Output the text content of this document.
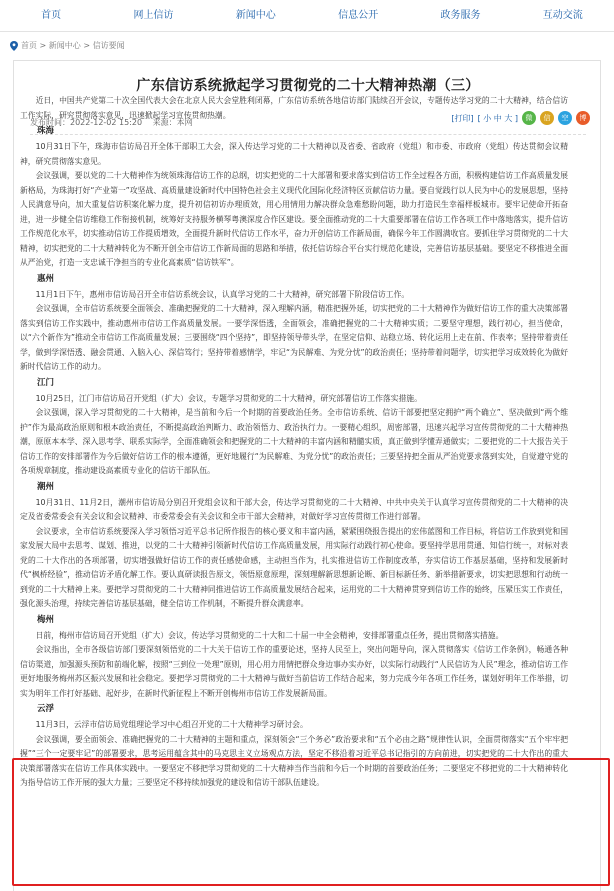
首页	网上信访	新闻中心	信息公开	政务服务	互动交流
首页 > 新闻中心 > 信访要闻
广东信访系统掀起学习贯彻党的二十大精神热潮（三）
发布时间：2022-12-02 15:20 来源：本网	[打印] [ 小 中 大 ]	微	信	空	博
近日，中国共产党第二十次全国代表大会在北京人民大会堂胜利闭幕，广东信访系统各地信访部门陆续召开会议，专题传达学习党的二十大精神，结合信访工作实际，研究贯彻落实意见，迅速掀起学习宣传贯彻热潮。
珠海
10月31日下午，珠海市信访局召开全体干部职工大会，深入传达学习党的二十大精神以及省委、省政府（党组）和市委、市政府（党组）传达贯彻会议精神，研究贯彻落实意见。
会议强调，要以党的二十大精神作为统领珠海信访工作的总纲，切实把党的二十大部署和要求落实到信访工作全过程各方面，积极构建信访工作高质量发展新格局，为珠海打好“产业第一”攻坚战、高质量建设新时代中国特色社会主义现代化国际化经济特区贡献信访力量。要自觉践行以人民为中心的发展思想，坚持人民满意导向，加大重复信访积案化解力度，提升初信初访办理质效，用心用情用力解决群众急难愁盼问题，助力打造民生幸福样板城市。要牢记使命开拓奋进，进一步健全信访维稳工作衔接机制，统筹好支持服务横琴粤澳深度合作区建设。要全面推动党的二十大重要部署在信访工作各项工作中落地落实，提升信访工作规范化水平，切实推动信访工作提质增效，全面提升新时代信访工作水平，奋力开创信访工作新局面，确保今年工作圆满收官。要抓住学习贯彻党的二十大精神，切实把党的二十大精神转化为不断开创全市信访工作新局面的思路和举措，依托信访综合平台实行规范化建设，完善信访基层基础。要坚定不移推进全面从严治党，打造一支忠诚干净担当的专业化高素质“信访铁军”。
惠州
11月1日下午，惠州市信访局召开全市信访系统会议，认真学习党的二十大精神，研究部署下阶段信访工作。
会议强调，全市信访系统要全面领会、准确把握党的二十大精神，深入理解内涵，精准把握外延，切实把党的二十大精神作为做好信访工作的重大决策部署落实到信访工作实践中，推动惠州市信访工作高质量发展。一要学深悟透，全面领会，准确把握党的二十大精神实质；二要坚守理想，践行初心，担当使命，以“六个新作为”推动全市信访工作高质量发展；三要围绕“四个坚持”，即坚持领导带头学，在坚定信仰、站稳立场、转化运用上走在前、作表率；坚持带着责任学，做到学深悟透、融会贯通、入脑入心、深信笃行；坚持带着感情学，牢记“为民解难、为党分忧”的政治责任；坚持带着问题学，切实把学习成效转化为做好新时代信访工作的动力。
江门
10月25日，江门市信访局召开党组（扩大）会议，专题学习贯彻党的二十大精神，研究部署信访工作落实措施。
会议强调，深入学习贯彻党的二十大精神，是当前和今后一个时期的首要政治任务。全市信访系统、信访干部要把坚定拥护“两个确立”、坚决做到“两个维护”作为最高政治原则和根本政治责任，不断提高政治判断力、政治领悟力、政治执行力。一要精心组织，周密部署，迅速兴起学习宣传贯彻党的二十大精神热潮，原原本本学、深入思考学、联系实际学，全面准确领会和把握党的二十大精神的丰富内涵和精髓实质，真正做到学懂弄通做实；二要把党的二十大报告关于信访工作的安排部署作为今后做好信访工作的根本遵循，更好地履行“为民解难、为党分忧”的政治责任；三要坚持把全面从严治党要求落到实处，自觉遵守党的各项规章制度，推动建设高素质专业化的信访干部队伍。
潮州
10月31日、11月2日，潮州市信访局分别召开党组会议和干部大会，传达学习贯彻党的二十大精神、中共中央关于认真学习宣传贯彻党的二十大精神的决定及省委常委会有关会议和会议精神、市委常委会有关会议和全市干部大会精神，对做好学习宣传贯彻工作进行部署。
会议要求，全市信访系统要深入学习领悟习近平总书记所作报告的核心要义和丰富内涵，紧紧围绕报告提出的宏伟蓝图和工作目标，将信访工作放到党和国家发展大局中去思考、谋划、推进，以党的二十大精神引领新时代信访工作高质量发展，用实际行动践行初心使命。要坚持学思用贯通、知信行统一，对标对表党的二十大作出的各项部署，切实增强做好信访工作的责任感使命感，主动担当作为，扎实推进信访工作制度改革，夯实信访工作基层基础，坚持和发展新时代“枫桥经验”，推动信访矛盾化解工作。要认真研读报告原文，领悟原意原理，深刻理解新思想新论断、新目标新任务、新举措新要求，切实把思想和行动统一到党的二十大精神上来。要把学习贯彻党的二十大精神同推进信访工作高质量发展结合起来，运用党的二十大精神贯穿到信访工作的始终，压紧压实工作责任，强化源头治理，持续完善信访基层基础，健全信访工作机制，不断提升群众满意率。
梅州
日前，梅州市信访局召开党组（扩大）会议，传达学习贯彻党的二十大和二十届一中全会精神，安排部署重点任务，提出贯彻落实措施。
会议指出，全市各级信访部门要深刻领悟党的二十大关于信访工作的重要论述，坚持人民至上，突出问题导向，深入贯彻落实《信访工作条例》，畅通各种信访渠道，加强源头预防和前端化解，按照“三到位一处理”原则，用心用力用情把群众身边事办实办好，以实际行动践行“人民信访为人民”理念，推动信访工作更好地服务梅州苏区振兴发展和社会稳定。要把学习贯彻党的二十大精神与做好当前信访工作结合起来，努力完成今年各项工作任务，谋划好明年工作举措，切实为明年工作打好基础、起好步，在新时代新征程上不断开创梅州市信访工作发展新局面。
云浮
11月3日，云浮市信访局党组理论学习中心组召开党的二十大精神学习研讨会。
会议强调，要全面领会、准确把握党的二十大精神的主题和重点，深刻领会“三个务必”政治要求和“五个必由之路”规律性认识，全面贯彻落实“五个牢牢把握”“三个一定要牢记”的部署要求，思考运用蕴含其中的马克思主义立场观点方法，坚定不移沿着习近平总书记指引的方向前进，切实把党的二十大作出的重大决策部署落实在信访工作具体实践中。一要坚定不移把学习贯彻党的二十大精神当作当前和今后一个时期的首要政治任务；二要坚定不移把党的二十大精神转化为指导信访工作开展的强大力量；三要坚定不移持续加强党的建设和信访干部队伍建设。
